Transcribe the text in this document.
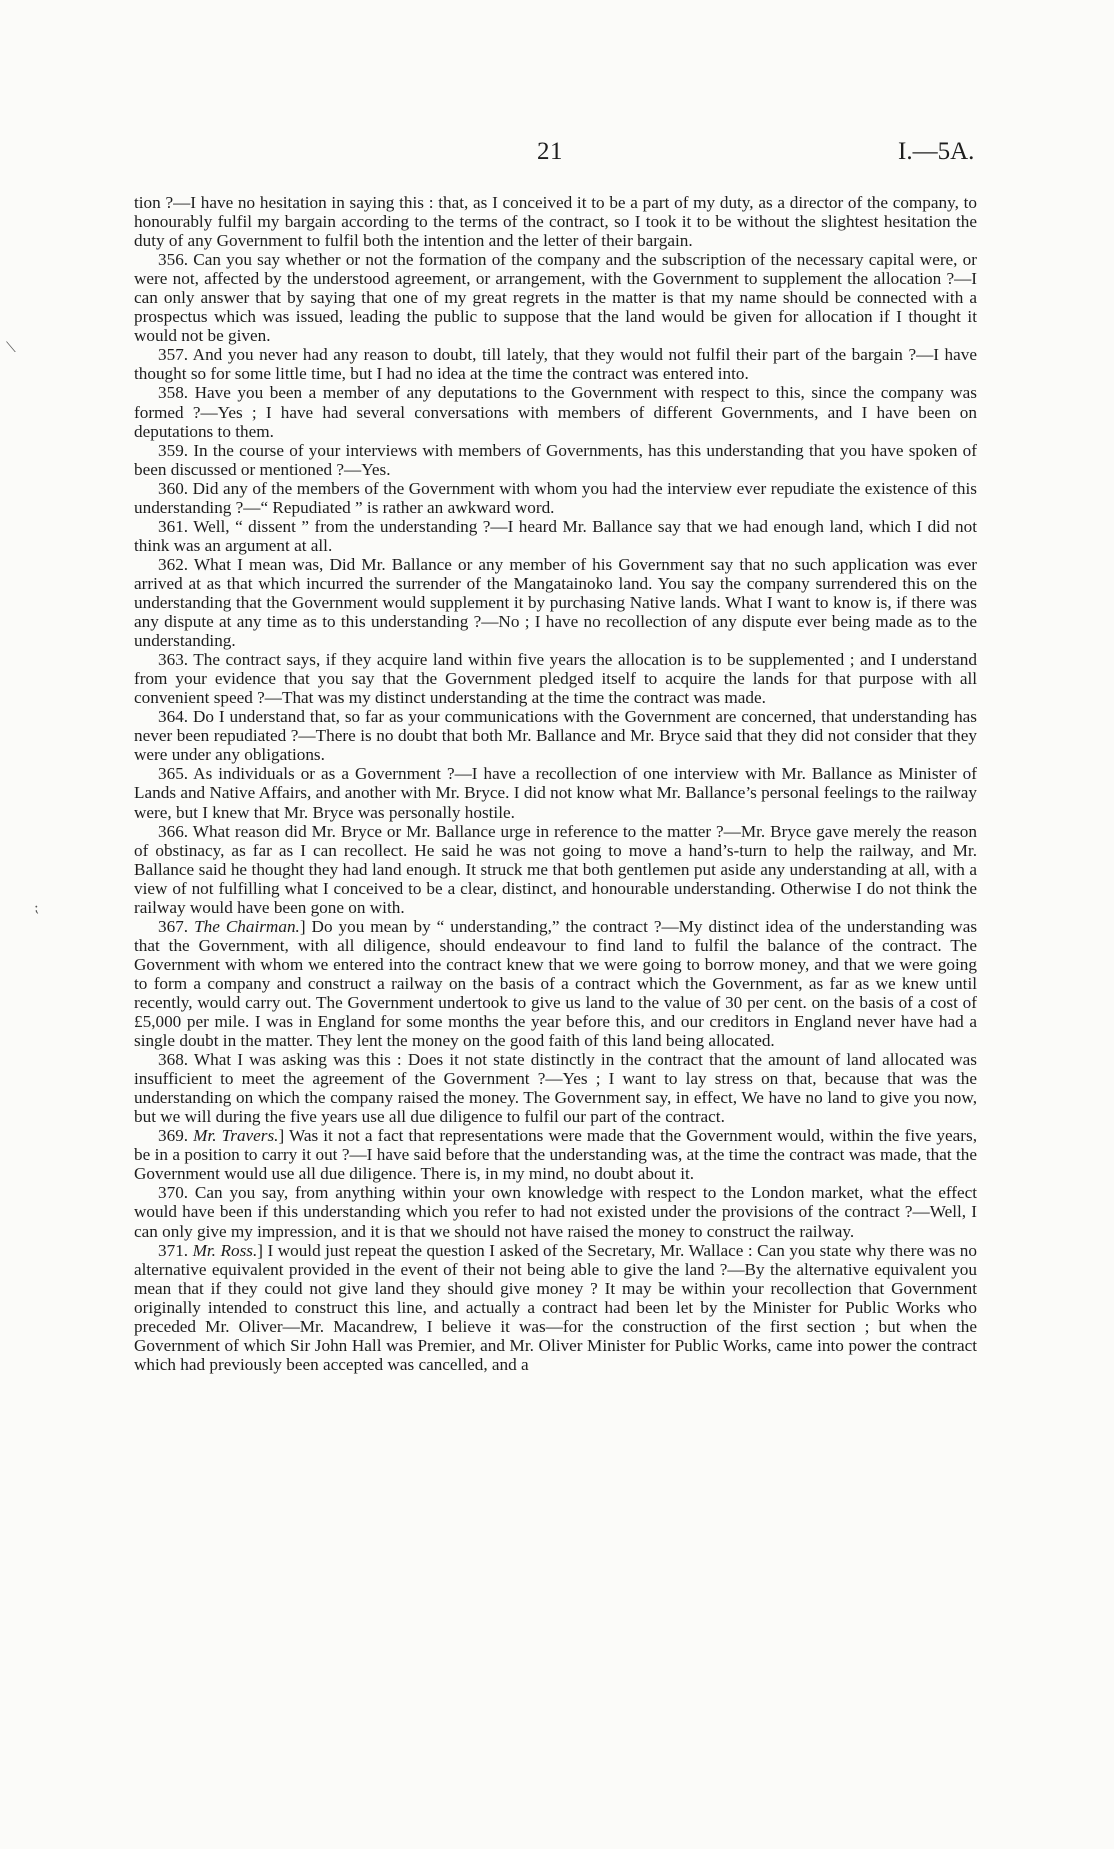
21	I.—5A.
⟍
⁏

tion ?—I have no hesitation in saying this : that, as I conceived it to be a part of my duty, as a director of the company, to honourably fulfil my bargain according to the terms of the contract, so I took it to be without the slightest hesitation the duty of any Government to fulfil both the intention and the letter of their bargain.

356. Can you say whether or not the formation of the company and the subscription of the necessary capital were, or were not, affected by the understood agreement, or arrangement, with the Government to supplement the allocation ?—I can only answer that by saying that one of my great regrets in the matter is that my name should be connected with a prospectus which was issued, leading the public to suppose that the land would be given for allocation if I thought it would not be given.

357. And you never had any reason to doubt, till lately, that they would not fulfil their part of the bargain ?—I have thought so for some little time, but I had no idea at the time the contract was entered into.

358. Have you been a member of any deputations to the Government with respect to this, since the company was formed ?—Yes ; I have had several conversations with members of different Governments, and I have been on deputations to them.

359. In the course of your interviews with members of Governments, has this understanding that you have spoken of been discussed or mentioned ?—Yes.

360. Did any of the members of the Government with whom you had the interview ever repudiate the existence of this understanding ?—“ Repudiated ” is rather an awkward word.

361. Well, “ dissent ” from the understanding ?—I heard Mr. Ballance say that we had enough land, which I did not think was an argument at all.

362. What I mean was, Did Mr. Ballance or any member of his Government say that no such application was ever arrived at as that which incurred the surrender of the Mangatainoko land. You say the company surrendered this on the understanding that the Government would supplement it by purchasing Native lands. What I want to know is, if there was any dispute at any time as to this understanding ?—No ; I have no recollection of any dispute ever being made as to the understanding.

363. The contract says, if they acquire land within five years the allocation is to be supplemented ; and I understand from your evidence that you say that the Government pledged itself to acquire the lands for that purpose with all convenient speed ?—That was my distinct understanding at the time the contract was made.

364. Do I understand that, so far as your communications with the Government are concerned, that understanding has never been repudiated ?—There is no doubt that both Mr. Ballance and Mr. Bryce said that they did not consider that they were under any obligations.

365. As individuals or as a Government ?—I have a recollection of one interview with Mr. Ballance as Minister of Lands and Native Affairs, and another with Mr. Bryce. I did not know what Mr. Ballance’s personal feelings to the railway were, but I knew that Mr. Bryce was personally hostile.

366. What reason did Mr. Bryce or Mr. Ballance urge in reference to the matter ?—Mr. Bryce gave merely the reason of obstinacy, as far as I can recollect. He said he was not going to move a hand’s-turn to help the railway, and Mr. Ballance said he thought they had land enough. It struck me that both gentlemen put aside any understanding at all, with a view of not fulfilling what I conceived to be a clear, distinct, and honourable understanding. Otherwise I do not think the railway would have been gone on with.

367. The Chairman.] Do you mean by “ understanding,” the contract ?—My distinct idea of the understanding was that the Government, with all diligence, should endeavour to find land to fulfil the balance of the contract. The Government with whom we entered into the contract knew that we were going to borrow money, and that we were going to form a company and construct a railway on the basis of a contract which the Government, as far as we knew until recently, would carry out. The Government undertook to give us land to the value of 30 per cent. on the basis of a cost of £5,000 per mile. I was in England for some months the year before this, and our creditors in England never have had a single doubt in the matter. They lent the money on the good faith of this land being allocated.

368. What I was asking was this : Does it not state distinctly in the contract that the amount of land allocated was insufficient to meet the agreement of the Government ?—Yes ; I want to lay stress on that, because that was the understanding on which the company raised the money. The Government say, in effect, We have no land to give you now, but we will during the five years use all due diligence to fulfil our part of the contract.

369. Mr. Travers.] Was it not a fact that representations were made that the Government would, within the five years, be in a position to carry it out ?—I have said before that the understanding was, at the time the contract was made, that the Government would use all due diligence. There is, in my mind, no doubt about it.

370. Can you say, from anything within your own knowledge with respect to the London market, what the effect would have been if this understanding which you refer to had not existed under the provisions of the contract ?—Well, I can only give my impression, and it is that we should not have raised the money to construct the railway.

371. Mr. Ross.] I would just repeat the question I asked of the Secretary, Mr. Wallace : Can you state why there was no alternative equivalent provided in the event of their not being able to give the land ?—By the alternative equivalent you mean that if they could not give land they should give money ? It may be within your recollection that Government originally intended to construct this line, and actually a contract had been let by the Minister for Public Works who preceded Mr. Oliver—Mr. Macandrew, I believe it was—for the construction of the first section ; but when the Government of which Sir John Hall was Premier, and Mr. Oliver Minister for Public Works, came into power the contract which had previously been accepted was cancelled, and a
